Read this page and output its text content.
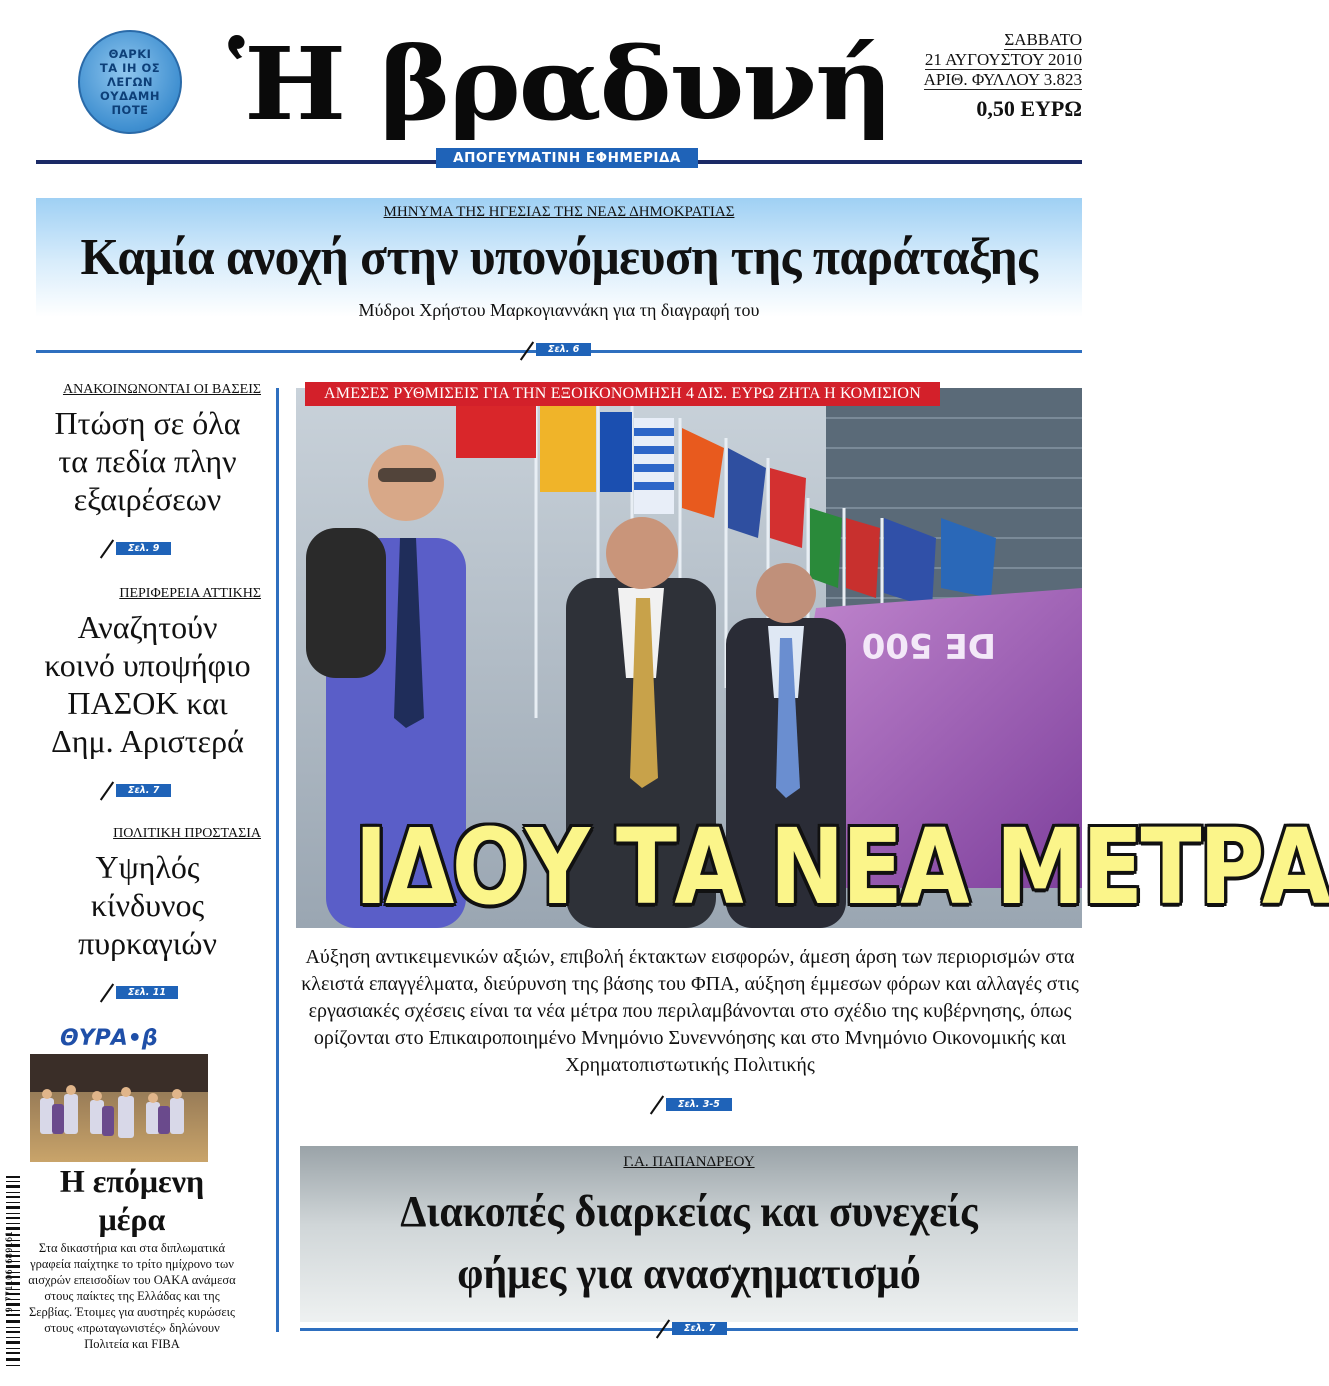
ΘΑΡΚΙ
ΤΑ ΙΗ ΟΣ
ΛΕΓΩΝ
ΟΥΔΑΜΗ
ΠΟΤΕ Ἡ βραδυνή	ΣΑΒΒΑΤΟ
21 ΑΥΓΟΥΣΤΟΥ 2010
ΑΡΙΘ. ΦΥΛΛΟΥ 3.823
0,50 ΕΥΡΩ
ΑΠΟΓΕΥΜΑΤΙΝΗ ΕΦΗΜΕΡΙΔΑ
ΜΗΝΥΜΑ ΤΗΣ ΗΓΕΣΙΑΣ ΤΗΣ ΝΕΑΣ ΔΗΜΟΚΡΑΤΙΑΣ
Καμία ανοχή στην υπονόμευση της παράταξης
Μύδροι Χρήστου Μαρκογιαννάκη για τη διαγραφή του
Σελ. 6
ΑΝΑΚΟΙΝΩΝΟΝΤΑΙ ΟΙ ΒΑΣΕΙΣ
Πτώση σε όλα
τα πεδία πλην
εξαιρέσεων
Σελ. 9
ΠΕΡΙΦΕΡΕΙΑ ΑΤΤΙΚΗΣ
Αναζητούν
κοινό υποψήφιο
ΠΑΣΟΚ και
Δημ. Αριστερά
Σελ. 7
ΠΟΛΙΤΙΚΗ ΠΡΟΣΤΑΣΙΑ
Υψηλός
κίνδυνος
πυρκαγιών
Σελ. 11
ΘΥΡΑ•β
Η επόμενη
μέρα
Στα δικαστήρια και στα διπλωματικά γραφεία παίχτηκε το τρίτο ημίχρονο των αισχρών επεισοδίων του ΟΑΚΑ ανάμεσα στους παίκτες της Ελλάδας και της Σερβίας. Έτοιμες για αυστηρές κυρώσεις στους «πρωταγωνιστές» δηλώνουν Πολιτεία και FIBA
9 771106 689161
DE 500
ΑΜΕΣΕΣ ΡΥΘΜΙΣΕΙΣ ΓΙΑ ΤΗΝ ΕΞΟΙΚΟΝΟΜΗΣΗ 4 ΔΙΣ. ΕΥΡΩ ΖΗΤΑ Η ΚΟΜΙΣΙΟΝ
ΙΔΟΥ ΤΑ ΝΕΑ ΜΕΤΡΑ
Αύξηση αντικειμενικών αξιών, επιβολή έκτακτων εισφορών, άμεση άρση των περιορισμών στα κλειστά επαγγέλματα, διεύρυνση της βάσης του ΦΠΑ, αύξηση έμμεσων φόρων και αλλαγές στις εργασιακές σχέσεις είναι τα νέα μέτρα που περιλαμβάνονται στο σχέδιο της κυβέρνησης, όπως ορίζονται στο Επικαιροποιημένο Μνημόνιο Συνεννόησης και στο Μνημόνιο Οικονομικής και Χρηματοπιστωτικής Πολιτικής
Σελ. 3-5
Γ.Α. ΠΑΠΑΝΔΡΕΟΥ
Διακοπές διαρκείας και συνεχείς
φήμες για ανασχηματισμό
Σελ. 7
